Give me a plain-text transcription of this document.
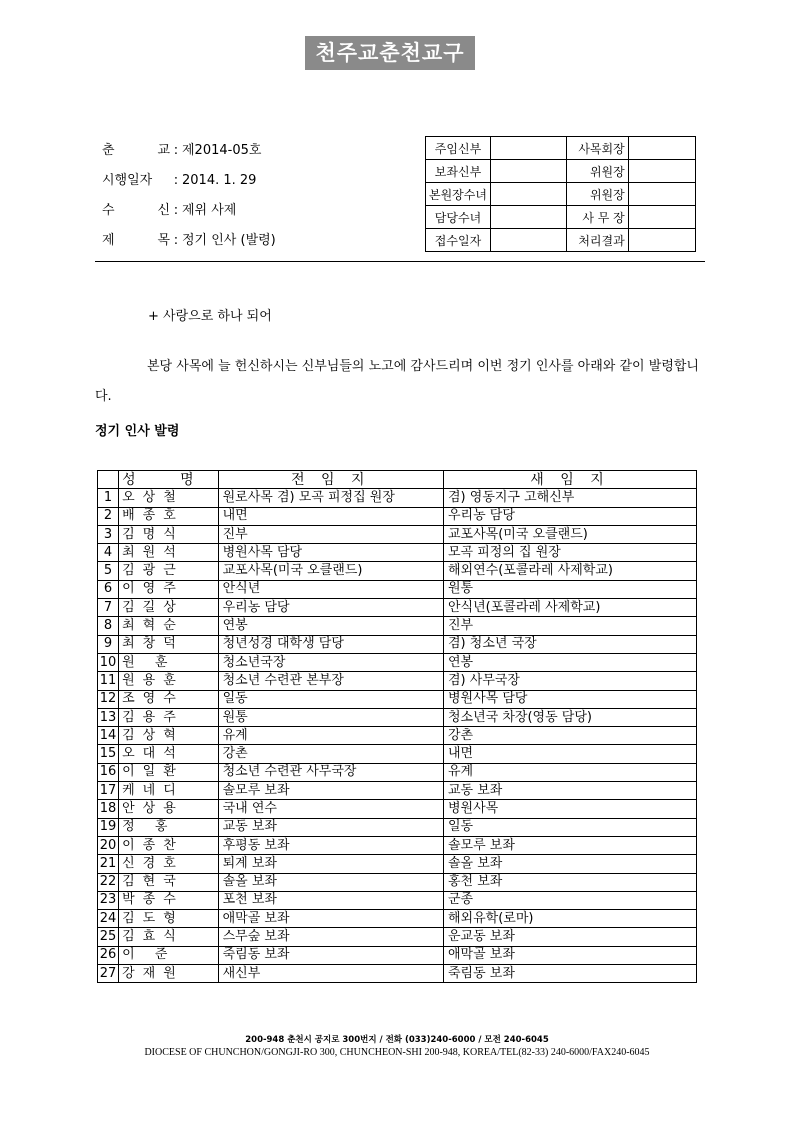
천주교춘천교구
춘	교 : 제2014-05호
시행일자 : 2014. 1. 29
수	신 : 제위 사제
제	목 : 정기 인사 (발령)
주임신부		사목회장	
보좌신부		위원장	
본원장수녀		위원장	
담당수녀		사 무 장	
접수일자		처리결과	
+ 사랑으로 하나 되어
본당 사목에 늘 헌신하시는 신부님들의 노고에 감사드리며 이번 정기 인사를 아래와 같이 발령합니다.
정기 인사 발령
	성 명	전 임 지	새 임 지
1	오상철	원로사목 겸) 모곡 피정집 원장	겸) 영동지구 고해신부
2	배종호	내면	우리농 담당
3	김명식	진부	교포사목(미국 오클랜드)
4	최원석	병원사목 담당	모곡 피정의 집 원장
5	김광근	교포사목(미국 오클랜드)	해외연수(포콜라레 사제학교)
6	이영주	안식년	원통
7	김길상	우리농 담당	안식년(포콜라레 사제학교)
8	최혁순	연봉	진부
9	최창덕	청년성경 대학생 담당	겸) 청소년 국장
10	원 훈	청소년국장	연봉
11	원용훈	청소년 수련관 본부장	겸) 사무국장
12	조영수	일동	병원사목 담당
13	김용주	원통	청소년국 차장(영동 담당)
14	김상혁	유계	강촌
15	오대석	강촌	내면
16	이일환	청소년 수련관 사무국장	유계
17	케네디	솔모루 보좌	교동 보좌
18	안상용	국내 연수	병원사목
19	정 홍	교동 보좌	일동
20	이종찬	후평동 보좌	솔모루 보좌
21	신경호	퇴계 보좌	솔올 보좌
22	김현국	솔올 보좌	홍천 보좌
23	박종수	포천 보좌	군종
24	김도형	애막골 보좌	해외유학(로마)
25	김효식	스무숲 보좌	운교동 보좌
26	이 준	죽림동 보좌	애막골 보좌
27	강재원	새신부	죽림동 보좌
200-948 춘천시 공지로 300번지 / 전화 (033)240-6000 / 모전 240-6045
DIOCESE OF CHUNCHON/GONGJI-RO 300, CHUNCHEON-SHI 200-948, KOREA/TEL(82-33) 240-6000/FAX240-6045
